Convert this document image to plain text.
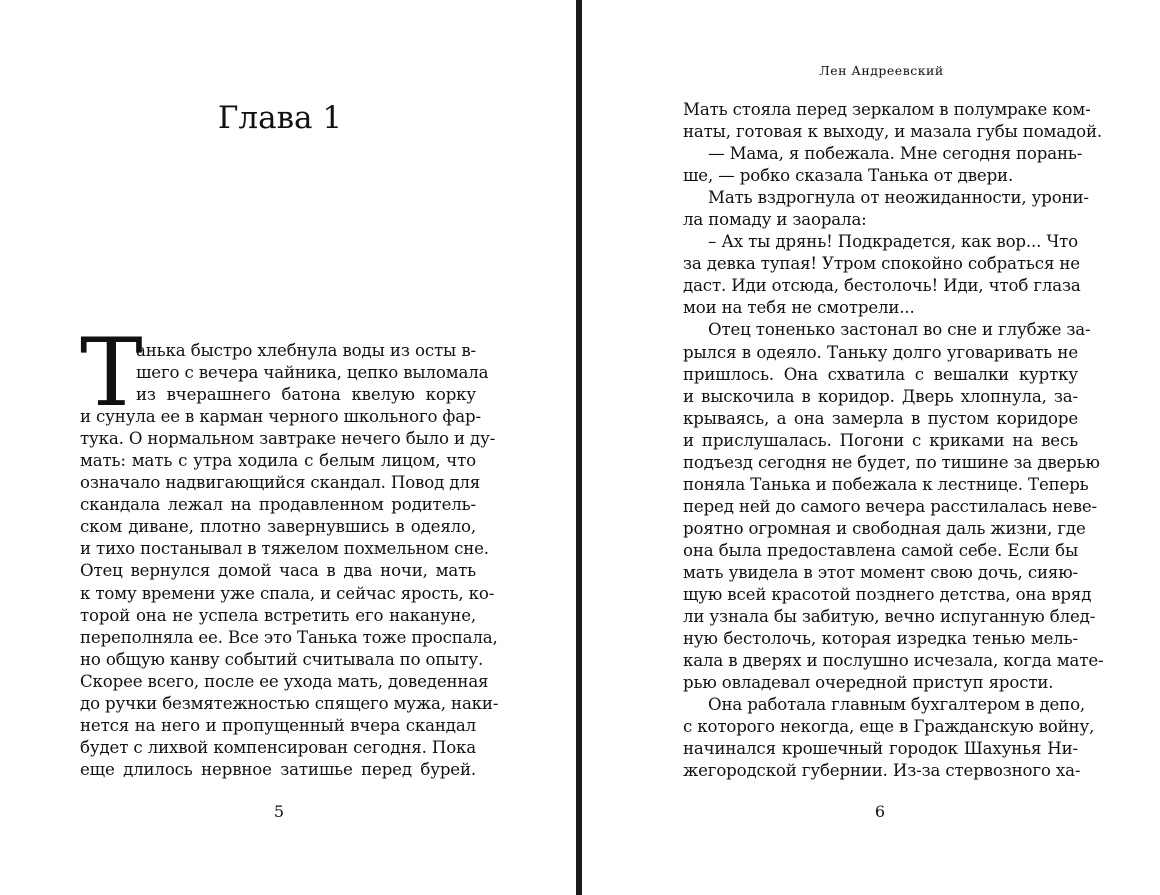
Глава 1
Т
анька быстро хлебнула воды из осты в-
шего с вечера чайника, цепко выломала
из вчерашнего батона квелую корку
и сунула ее в карман черного школьного фар-
тука. О нормальном завтраке нечего было и ду-
мать: мать с утра ходила с белым лицом, что
означало надвигающийся скандал. Повод для
скандала лежал на продавленном родитель-
ском диване, плотно завернувшись в одеяло,
и тихо постанывал в тяжелом похмельном сне.
Отец вернулся домой часа в два ночи, мать
к тому времени уже спала, и сейчас ярость, ко-
торой она не успела встретить его накануне,
переполняла ее. Все это Танька тоже проспала,
но общую канву событий считывала по опыту.
Скорее всего, после ее ухода мать, доведенная
до ручки безмятежностью спящего мужа, наки-
нется на него и пропущенный вчера скандал
будет с лихвой компенсирован сегодня. Пока
еще длилось нервное затишье перед бурей.
5
Лен Андреевский
Мать стояла перед зеркалом в полумраке ком-
наты, готовая к выходу, и мазала губы помадой.
— Мама, я побежала. Мне сегодня порань-
ше, — робко сказала Танька от двери.
Мать вздрогнула от неожиданности, урони-
ла помаду и заорала:
– Ах ты дрянь! Подкрадется, как вор... Что
за девка тупая! Утром спокойно собраться не
даст. Иди отсюда, бестолочь! Иди, чтоб глаза
мои на тебя не смотрели...
Отец тоненько застонал во сне и глубже за-
рылся в одеяло. Таньку долго уговаривать не
пришлось. Она схватила с вешалки куртку
и выскочила в коридор. Дверь хлопнула, за-
крываясь, а она замерла в пустом коридоре
и прислушалась. Погони с криками на весь
подъезд сегодня не будет, по тишине за дверью
поняла Танька и побежала к лестнице. Теперь
перед ней до самого вечера расстилалась неве-
роятно огромная и свободная даль жизни, где
она была предоставлена самой себе. Если бы
мать увидела в этот момент свою дочь, сияю-
щую всей красотой позднего детства, она вряд
ли узнала бы забитую, вечно испуганную блед-
ную бестолочь, которая изредка тенью мель-
кала в дверях и послушно исчезала, когда мате-
рью овладевал очередной приступ ярости.
Она работала главным бухгалтером в депо,
с которого некогда, еще в Гражданскую войну,
начинался крошечный городок Шахунья Ни-
жегородской губернии. Из-за стервозного ха-
6
